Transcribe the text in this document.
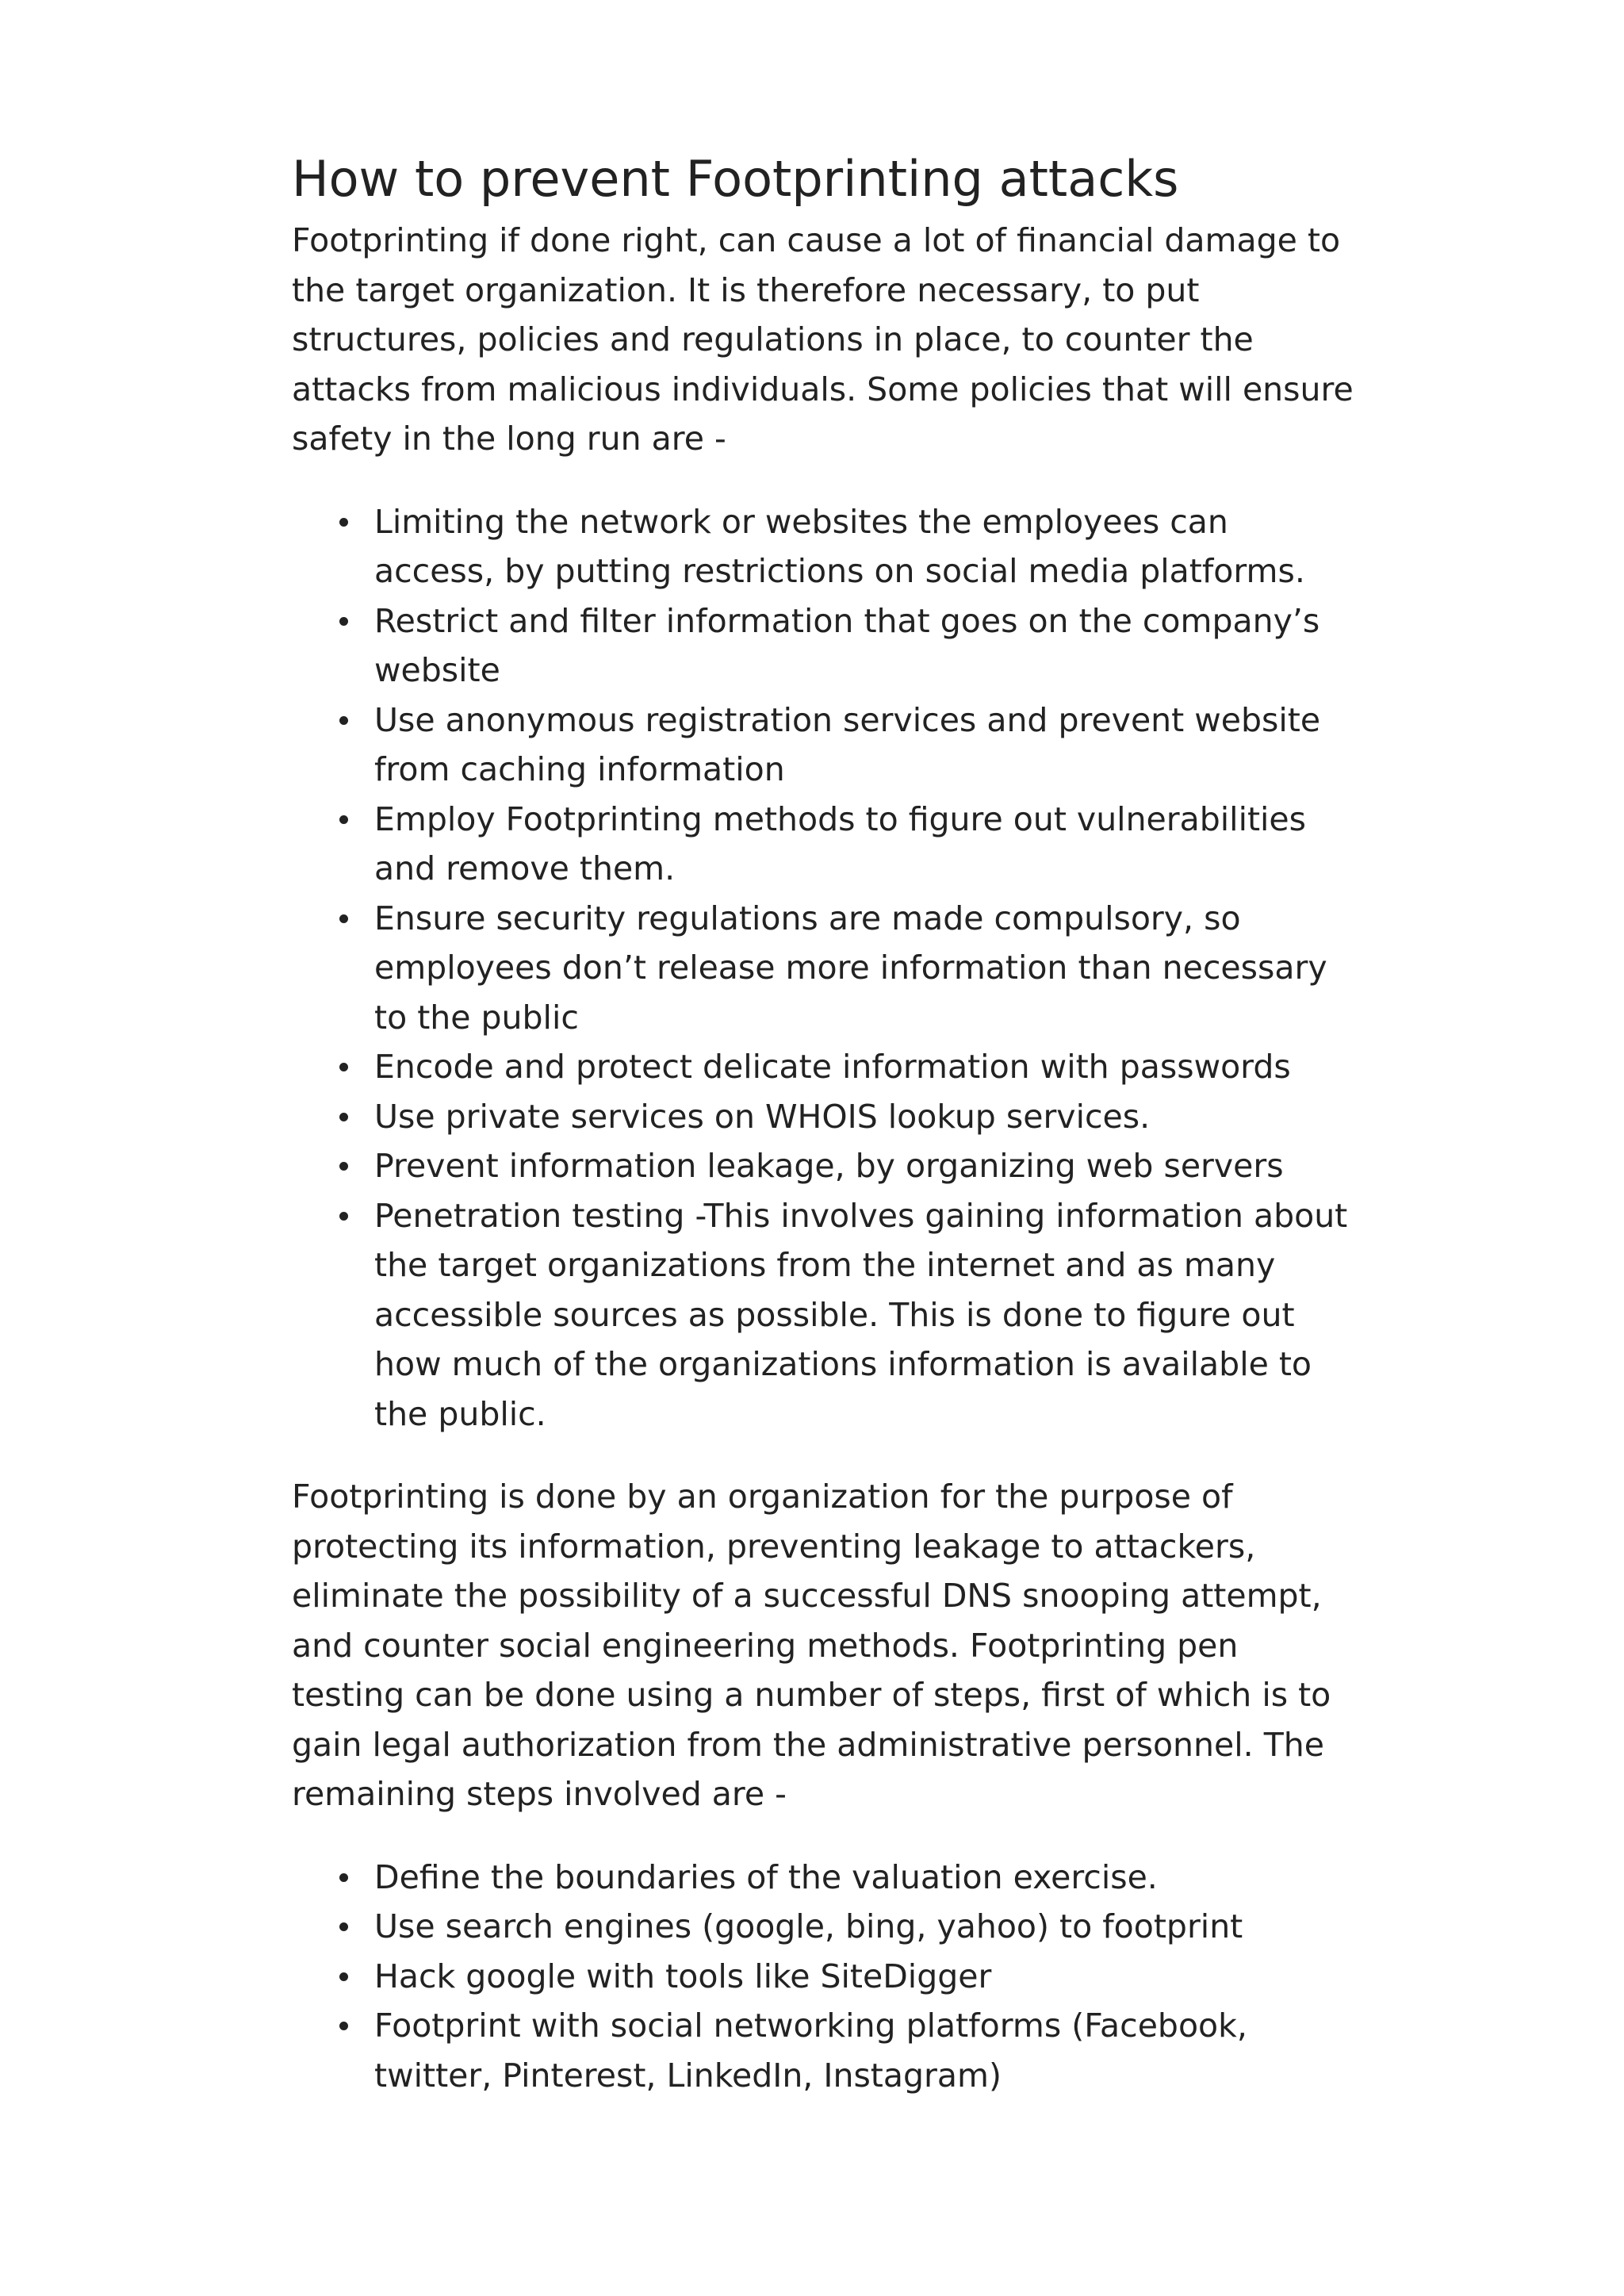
How to prevent Footprinting attacks

Footprinting if done right, can cause a lot of financial damage to the target organization. It is therefore necessary, to put structures, policies and regulations in place, to counter the attacks from malicious individuals. Some policies that will ensure safety in the long run are -

Limiting the network or websites the employees can access, by putting restrictions on social media platforms.
Restrict and filter information that goes on the company’s website
Use anonymous registration services and prevent website from caching information
Employ Footprinting methods to figure out vulnerabilities and remove them.
Ensure security regulations are made compulsory, so employees don’t release more information than necessary to the public
Encode and protect delicate information with passwords
Use private services on WHOIS lookup services.
Prevent information leakage, by organizing web servers
Penetration testing -This involves gaining information about the target organizations from the internet and as many accessible sources as possible. This is done to figure out how much of the organizations information is available to the public.

Footprinting is done by an organization for the purpose of protecting its information, preventing leakage to attackers, eliminate the possibility of a successful DNS snooping attempt, and counter social engineering methods. Footprinting pen testing can be done using a number of steps, first of which is to gain legal authorization from the administrative personnel. The remaining steps involved are -

Define the boundaries of the valuation exercise.
Use search engines (google, bing, yahoo) to footprint
Hack google with tools like SiteDigger
Footprint with social networking platforms (Facebook, twitter, Pinterest, LinkedIn, Instagram)
